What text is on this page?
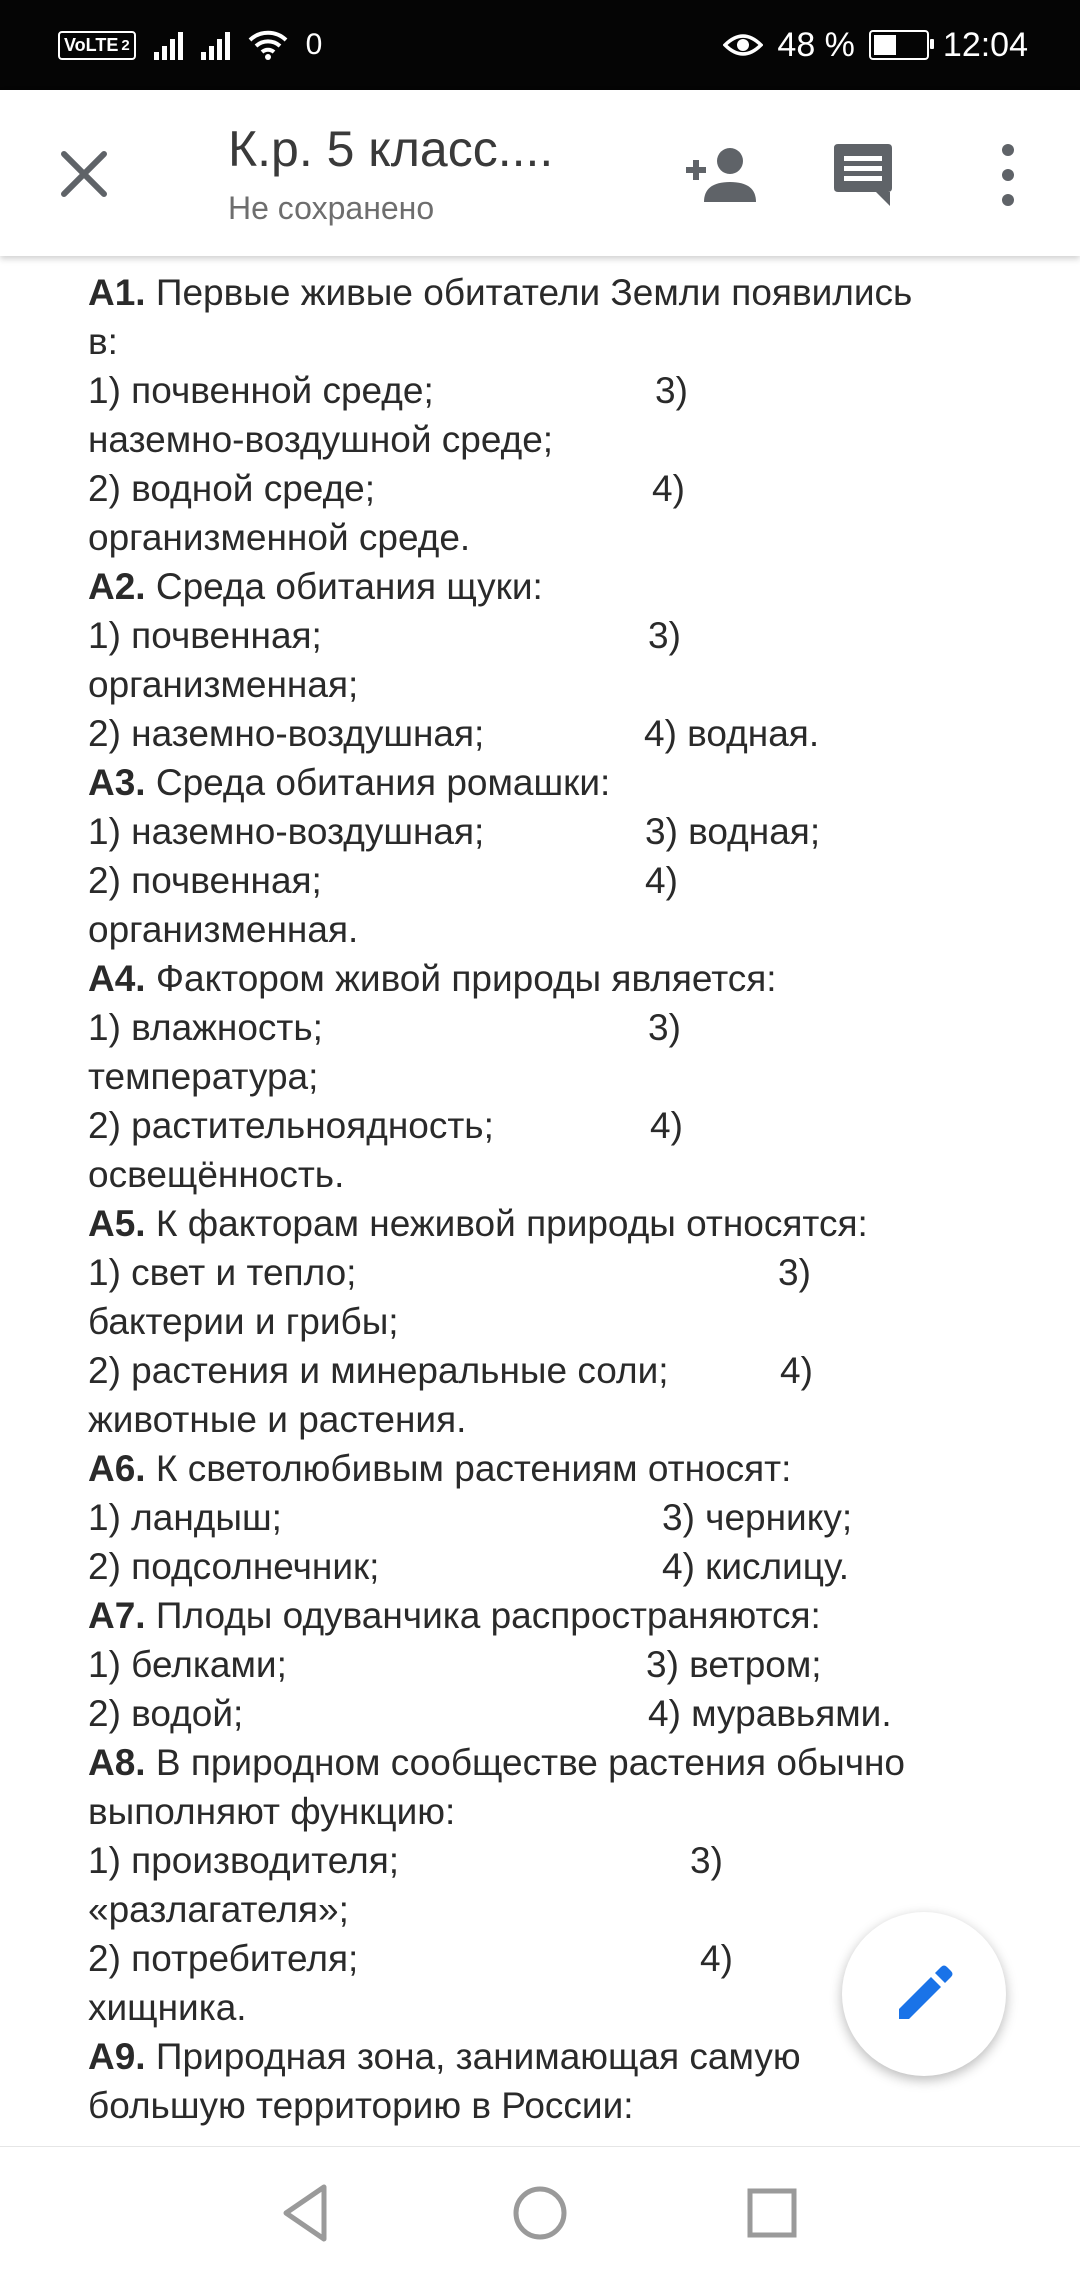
VoLTE 2	0	48 %	12:04
К.р. 5 класс....
Не сохранено
А1. Первые живые обитатели Земли появились
в:
1) почвенной среде;	3)
наземно-воздушной среде;
2) водной среде;	4)
организменной среде.
А2. Среда обитания щуки:
1) почвенная;	3)
организменная;
2) наземно-воздушная;	4) водная.
А3. Среда обитания ромашки:
1) наземно-воздушная;	3) водная;
2) почвенная;	4)
организменная.
А4. Фактором живой природы является:
1) влажность;	3)
температура;
2) растительноядность;	4)
освещённость.
А5. К факторам неживой природы относятся:
1) свет и тепло;	3)
бактерии и грибы;
2) растения и минеральные соли;	4)
животные и растения.
А6. К светолюбивым растениям относят:
1) ландыш;	3) чернику;
2) подсолнечник;	4) кислицу.
А7. Плоды одуванчика распространяются:
1) белками;	3) ветром;
2) водой;	4) муравьями.
А8. В природном сообществе растения обычно
выполняют функцию:
1) производителя;	3)
«разлагателя»;
2) потребителя;	4)
хищника.
А9. Природная зона, занимающая самую
большую территорию в России:
